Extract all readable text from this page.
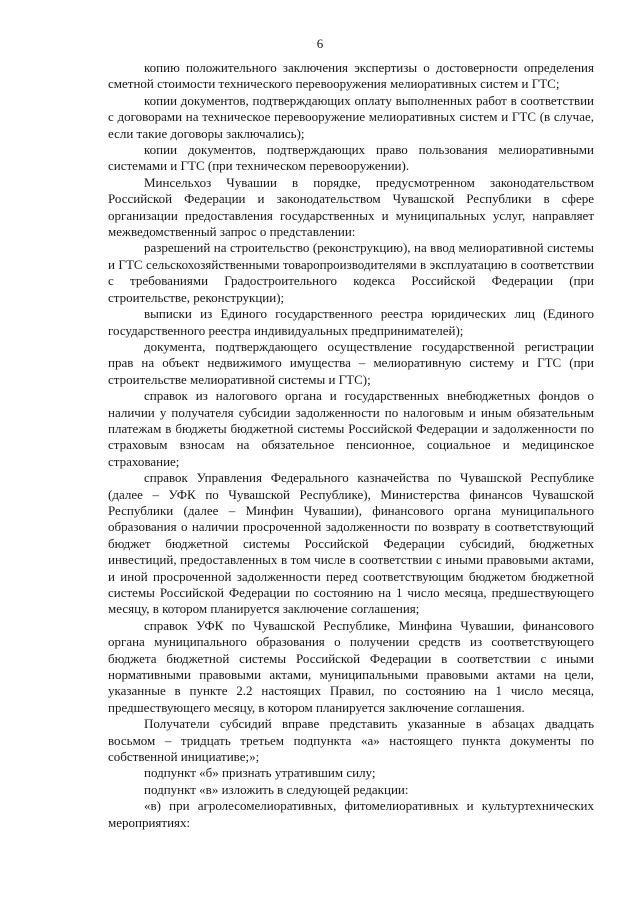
6

копию положительного заключения экспертизы о достоверности определения сметной стоимости технического перевооружения мелиоративных систем и ГТС;

копии документов, подтверждающих оплату выполненных работ в соответствии с договорами на техническое перевооружение мелиоративных систем и ГТС (в случае, если такие договоры заключались);

копии документов, подтверждающих право пользования мелиоративными системами и ГТС (при техническом перевооружении).

Минсельхоз Чувашии в порядке, предусмотренном законодательством Российской Федерации и законодательством Чувашской Республики в сфере организации предоставления государственных и муниципальных услуг, направляет межведомственный запрос о представлении:

разрешений на строительство (реконструкцию), на ввод мелиоративной системы и ГТС сельскохозяйственными товаропроизводителями в эксплуатацию в соответствии с требованиями Градостроительного кодекса Российской Федерации (при строительстве, реконструкции);

выписки из Единого государственного реестра юридических лиц (Единого государственного реестра индивидуальных предпринимателей);

документа, подтверждающего осуществление государственной регистрации прав на объект недвижимого имущества – мелиоративную систему и ГТС (при строительстве мелиоративной системы и ГТС);

справок из налогового органа и государственных внебюджетных фондов о наличии у получателя субсидии задолженности по налоговым и иным обязательным платежам в бюджеты бюджетной системы Российской Федерации и задолженности по страховым взносам на обязательное пенсионное, социальное и медицинское страхование;

справок Управления Федерального казначейства по Чувашской Республике (далее – УФК по Чувашской Республике), Министерства финансов Чувашской Республики (далее – Минфин Чувашии), финансового органа муниципального образования о наличии просроченной задолженности по возврату в соответствующий бюджет бюджетной системы Российской Федерации субсидий, бюджетных инвестиций, предоставленных в том числе в соответствии с иными правовыми актами, и иной просроченной задолженности перед соответствующим бюджетом бюджетной системы Российской Федерации по состоянию на 1 число месяца, предшествующего месяцу, в котором планируется заключение соглашения;

справок УФК по Чувашской Республике, Минфина Чувашии, финансового органа муниципального образования о получении средств из соответствующего бюджета бюджетной системы Российской Федерации в соответствии с иными нормативными правовыми актами, муниципальными правовыми актами на цели, указанные в пункте 2.2 настоящих Правил, по состоянию на 1 число месяца, предшествующего месяцу, в котором планируется заключение соглашения.

Получатели субсидий вправе представить указанные в абзацах двадцать восьмом – тридцать третьем подпункта «а» настоящего пункта документы по собственной инициативе;»;

подпункт «б» признать утратившим силу;

подпункт «в» изложить в следующей редакции:

«в) при агролесомелиоративных, фитомелиоративных и культуртехнических мероприятиях:
